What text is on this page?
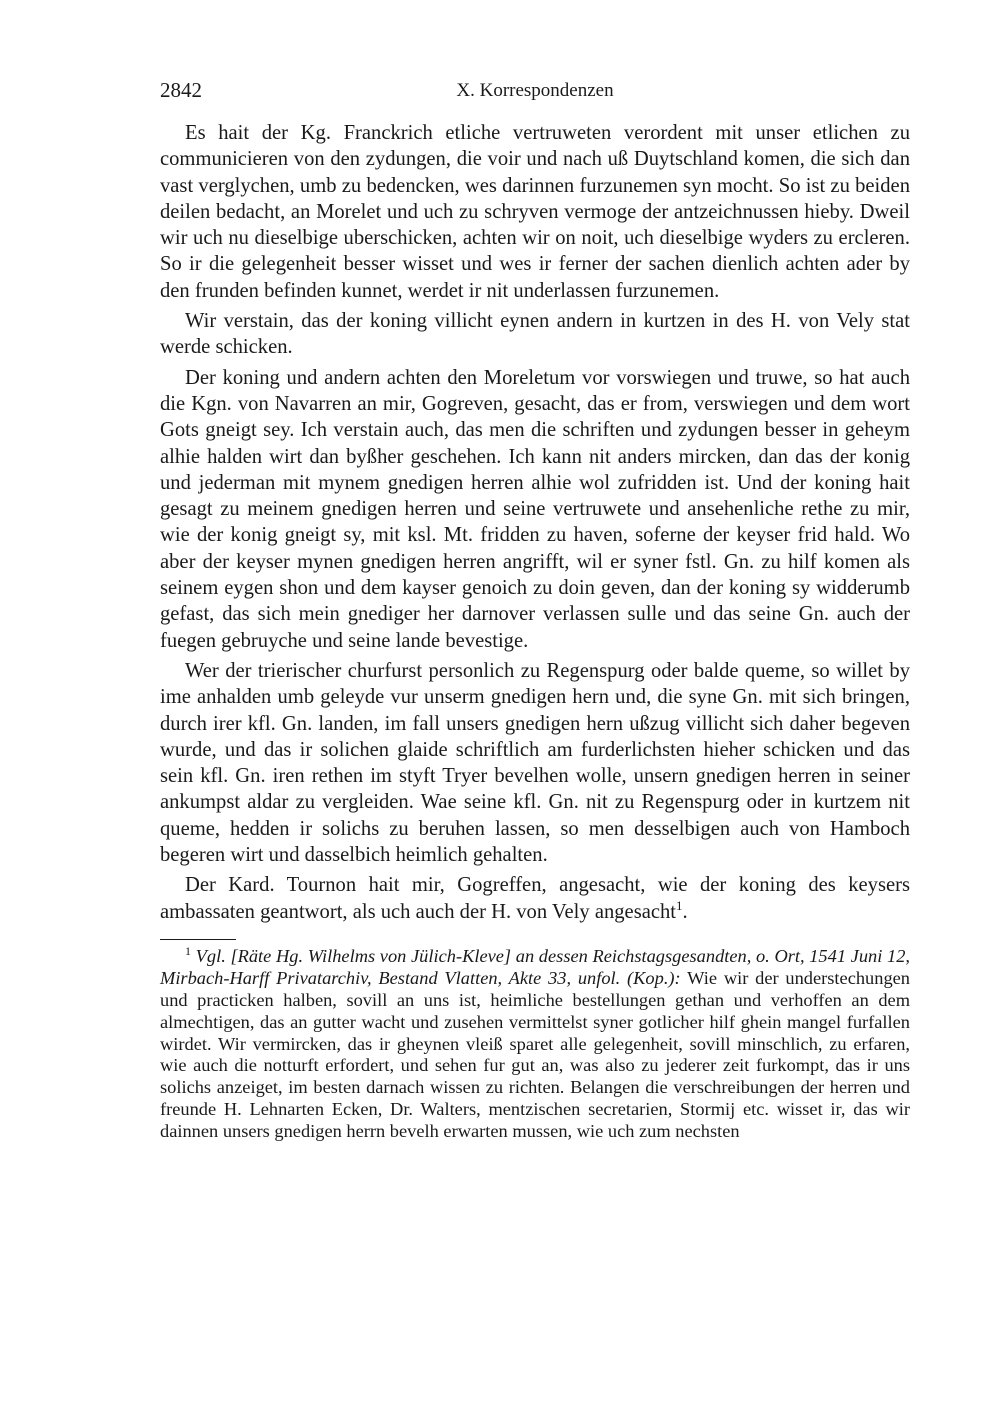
2842	X. Korrespondenzen

Es hait der Kg. Franckrich etliche vertruweten verordent mit unser etlichen zu communicieren von den zydungen, die voir und nach uß Duytschland komen, die sich dan vast verglychen, umb zu bedencken, wes darinnen furzunemen syn mocht. So ist zu beiden deilen bedacht, an Morelet und uch zu schryven vermoge der antzeichnussen hieby. Dweil wir uch nu dieselbige uberschicken, achten wir on noit, uch dieselbige wyders zu ercleren. So ir die gelegenheit besser wisset und wes ir ferner der sachen dienlich achten ader by den frunden befinden kunnet, werdet ir nit underlassen furzunemen.

Wir verstain, das der koning villicht eynen andern in kurtzen in des H. von Vely stat werde schicken.

Der koning und andern achten den Moreletum vor vorswiegen und truwe, so hat auch die Kgn. von Navarren an mir, Gogreven, gesacht, das er from, verswiegen und dem wort Gots gneigt sey. Ich verstain auch, das men die schriften und zydungen besser in geheym alhie halden wirt dan byßher geschehen. Ich kann nit anders mircken, dan das der konig und jederman mit mynem gnedigen herren alhie wol zufridden ist. Und der koning hait gesagt zu meinem gnedigen herren und seine vertruwete und ansehenliche rethe zu mir, wie der konig gneigt sy, mit ksl. Mt. fridden zu haven, soferne der keyser frid hald. Wo aber der keyser mynen gnedigen herren angrifft, wil er syner fstl. Gn. zu hilf komen als seinem eygen shon und dem kayser genoich zu doin geven, dan der koning sy widderumb gefast, das sich mein gnediger her darnover verlassen sulle und das seine Gn. auch der fuegen gebruyche und seine lande bevestige.

Wer der trierischer churfurst personlich zu Regenspurg oder balde queme, so willet by ime anhalden umb geleyde vur unserm gnedigen hern und, die syne Gn. mit sich bringen, durch irer kfl. Gn. landen, im fall unsers gnedigen hern ußzug villicht sich daher begeven wurde, und das ir solichen glaide schriftlich am furderlichsten hieher schicken und das sein kfl. Gn. iren rethen im styft Tryer bevelhen wolle, unsern gnedigen herren in seiner ankumpst aldar zu vergleiden. Wae seine kfl. Gn. nit zu Regenspurg oder in kurtzem nit queme, hedden ir solichs zu beruhen lassen, so men desselbigen auch von Hamboch begeren wirt und dasselbich heimlich gehalten.

Der Kard. Tournon hait mir, Gogreffen, angesacht, wie der koning des keysers ambassaten geantwort, als uch auch der H. von Vely angesacht$^1$.

$^1$ Vgl. [Räte Hg. Wilhelms von Jülich-Kleve] an dessen Reichstagsgesandten, o. Ort, 1541 Juni 12, Mirbach-Harff Privatarchiv, Bestand Vlatten, Akte 33, unfol. (Kop.): Wie wir der understechungen und practicken halben, sovill an uns ist, heimliche bestellungen gethan und verhoffen an dem almechtigen, das an gutter wacht und zusehen vermittelst syner gotlicher hilf ghein mangel furfallen wirdet. Wir vermircken, das ir gheynen vleiß sparet alle gelegenheit, sovill minschlich, zu erfaren, wie auch die notturft erfordert, und sehen fur gut an, was also zu jederer zeit furkompt, das ir uns solichs anzeiget, im besten darnach wissen zu richten. Belangen die verschreibungen der herren und freunde H. Lehnarten Ecken, Dr. Walters, mentzischen secretarien, Stormij etc. wisset ir, das wir dainnen unsers gnedigen herrn bevelh erwarten mussen, wie uch zum nechsten
